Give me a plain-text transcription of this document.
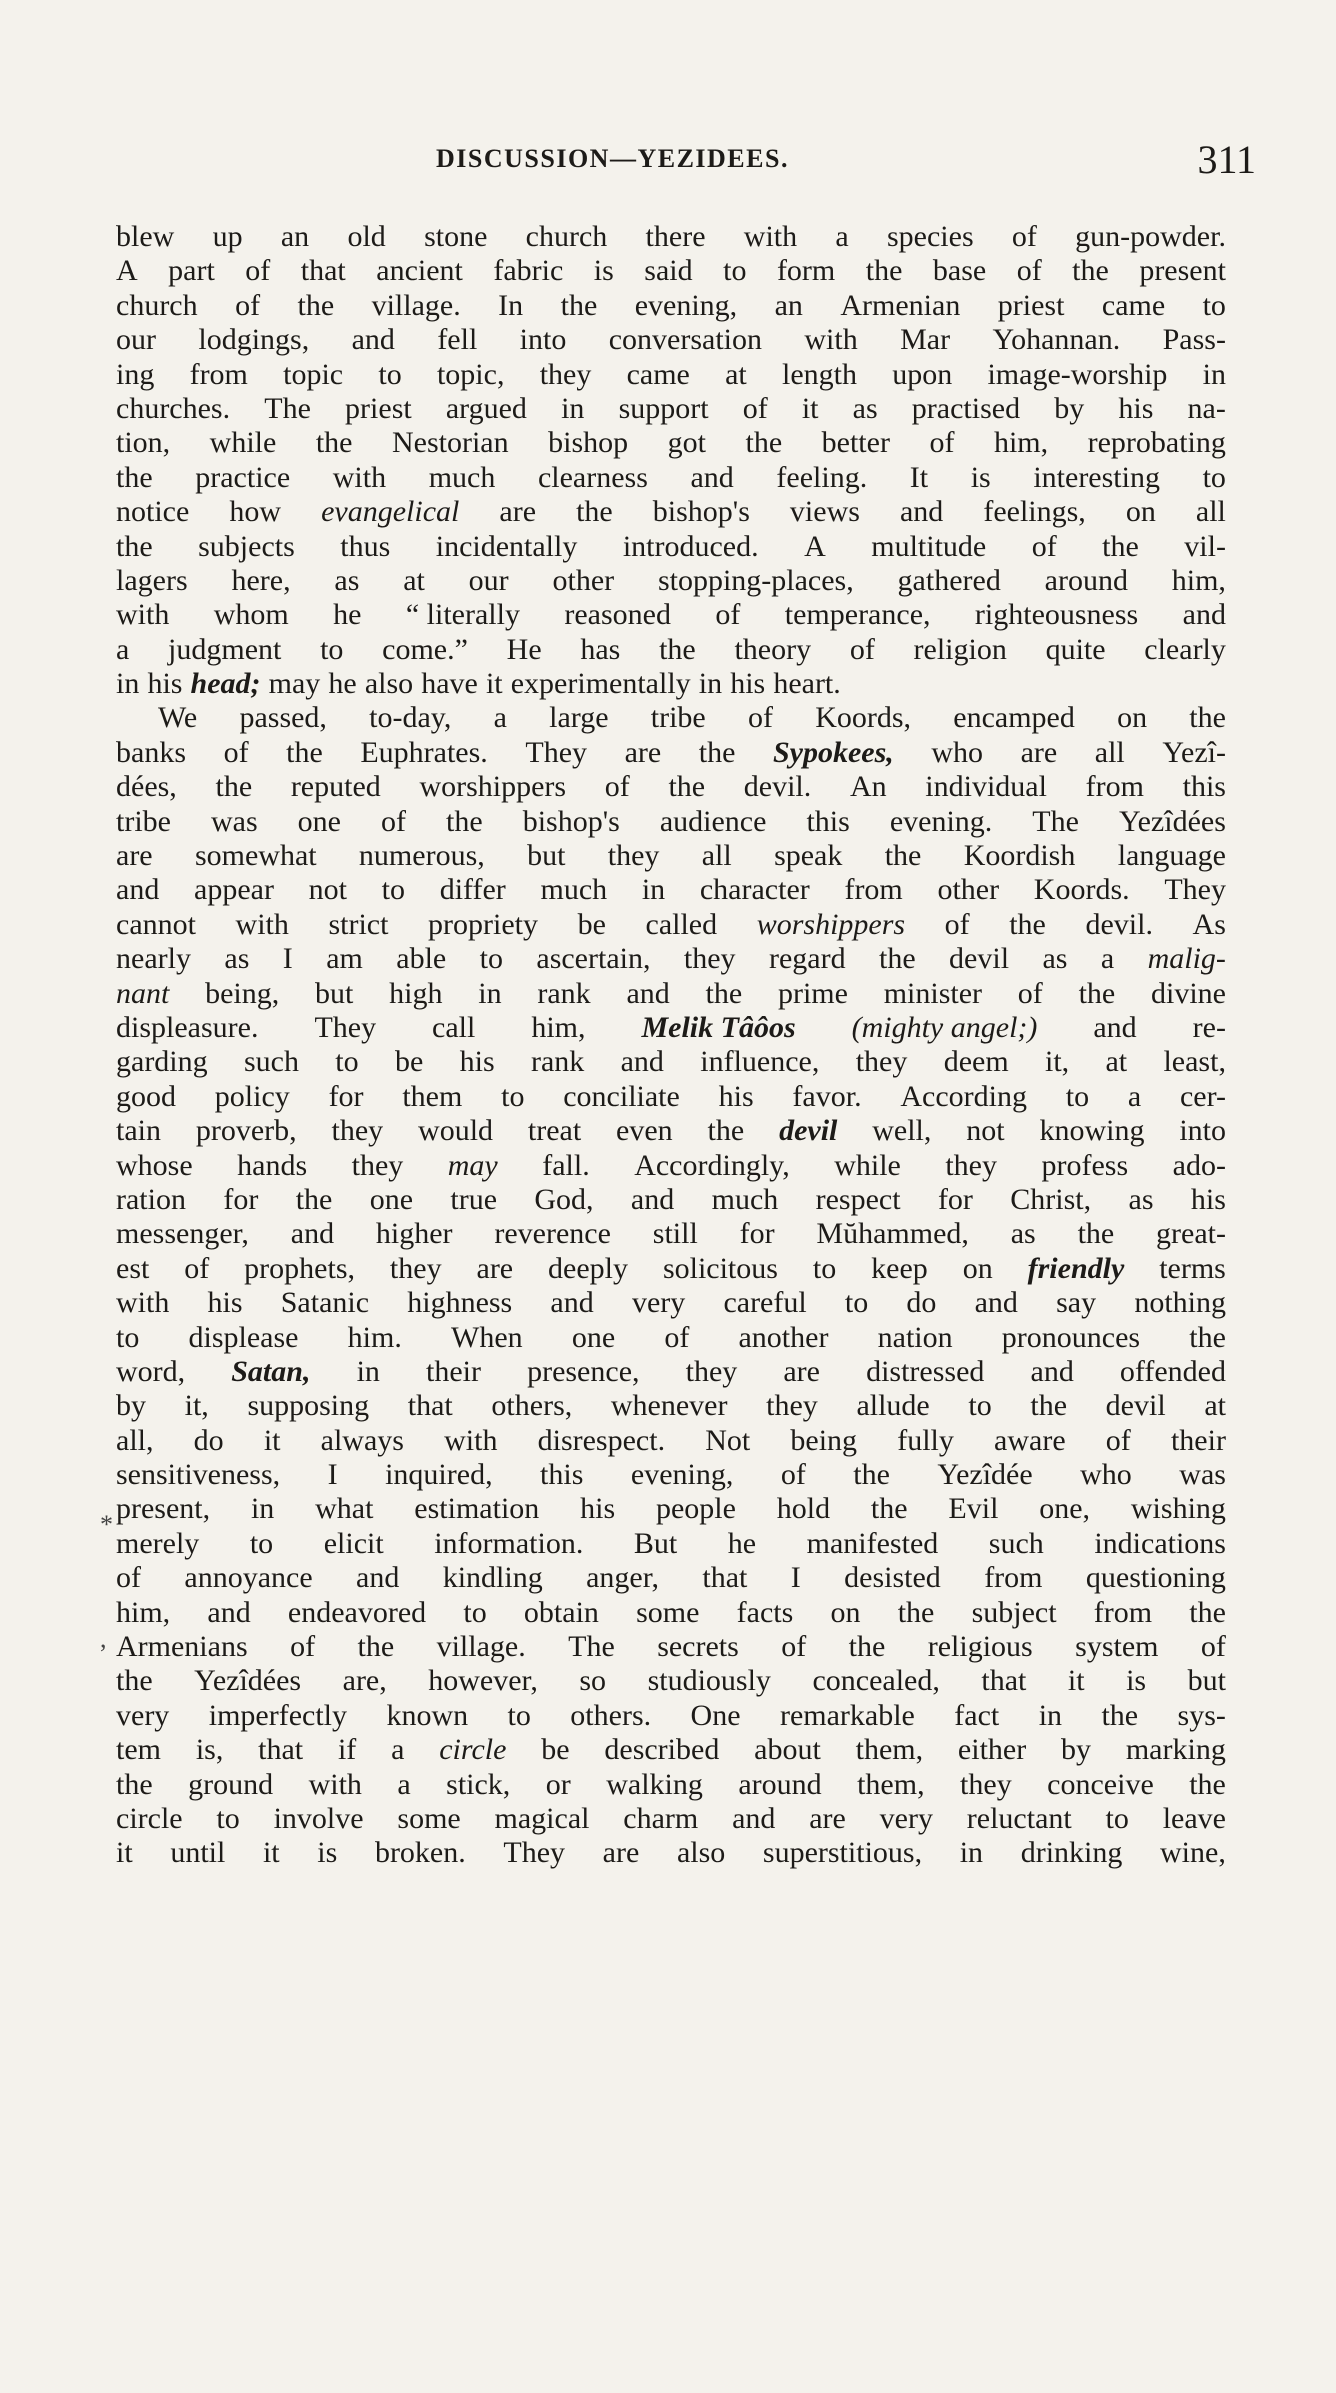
DISCUSSION—YEZIDEES.	311
blew up an old stone church there with a species of gun-powder.
A part of that ancient fabric is said to form the base of the present
church of the village. In the evening, an Armenian priest came to
our lodgings, and fell into conversation with Mar Yohannan. Pass-
ing from topic to topic, they came at length upon image-worship in
churches. The priest argued in support of it as practised by his na-
tion, while the Nestorian bishop got the better of him, reprobating
the practice with much clearness and feeling. It is interesting to
notice how evangelical are the bishop's views and feelings, on all
the subjects thus incidentally introduced. A multitude of the vil-
lagers here, as at our other stopping-places, gathered around him,
with whom he “ literally reasoned of temperance, righteousness and
a judgment to come.” He has the theory of religion quite clearly
in his head; may he also have it experimentally in his heart.
We passed, to-day, a large tribe of Koords, encamped on the
banks of the Euphrates. They are the Sypokees, who are all Yezî-
dées, the reputed worshippers of the devil. An individual from this
tribe was one of the bishop's audience this evening. The Yezîdées
are somewhat numerous, but they all speak the Koordish language
and appear not to differ much in character from other Koords. They
cannot with strict propriety be called worshippers of the devil. As
nearly as I am able to ascertain, they regard the devil as a malig-
nant being, but high in rank and the prime minister of the divine
displeasure. They call him, Melik Tâôos (mighty angel;) and re-
garding such to be his rank and influence, they deem it, at least,
good policy for them to conciliate his favor. According to a cer-
tain proverb, they would treat even the devil well, not knowing into
whose hands they may fall. Accordingly, while they profess ado-
ration for the one true God, and much respect for Christ, as his
messenger, and higher reverence still for Mŭhammed, as the great-
est of prophets, they are deeply solicitous to keep on friendly terms
with his Satanic highness and very careful to do and say nothing
to displease him. When one of another nation pronounces the
word, Satan, in their presence, they are distressed and offended
by it, supposing that others, whenever they allude to the devil at
all, do it always with disrespect. Not being fully aware of their
sensitiveness, I inquired, this evening, of the Yezîdée who was
present, in what estimation his people hold the Evil one, wishing
merely to elicit information. But he manifested such indications
of annoyance and kindling anger, that I desisted from questioning
him, and endeavored to obtain some facts on the subject from the
Armenians of the village. The secrets of the religious system of
the Yezîdées are, however, so studiously concealed, that it is but
very imperfectly known to others. One remarkable fact in the sys-
tem is, that if a circle be described about them, either by marking
the ground with a stick, or walking around them, they conceive the
circle to involve some magical charm and are very reluctant to leave
it until it is broken. They are also superstitious, in drinking wine,
*
,
